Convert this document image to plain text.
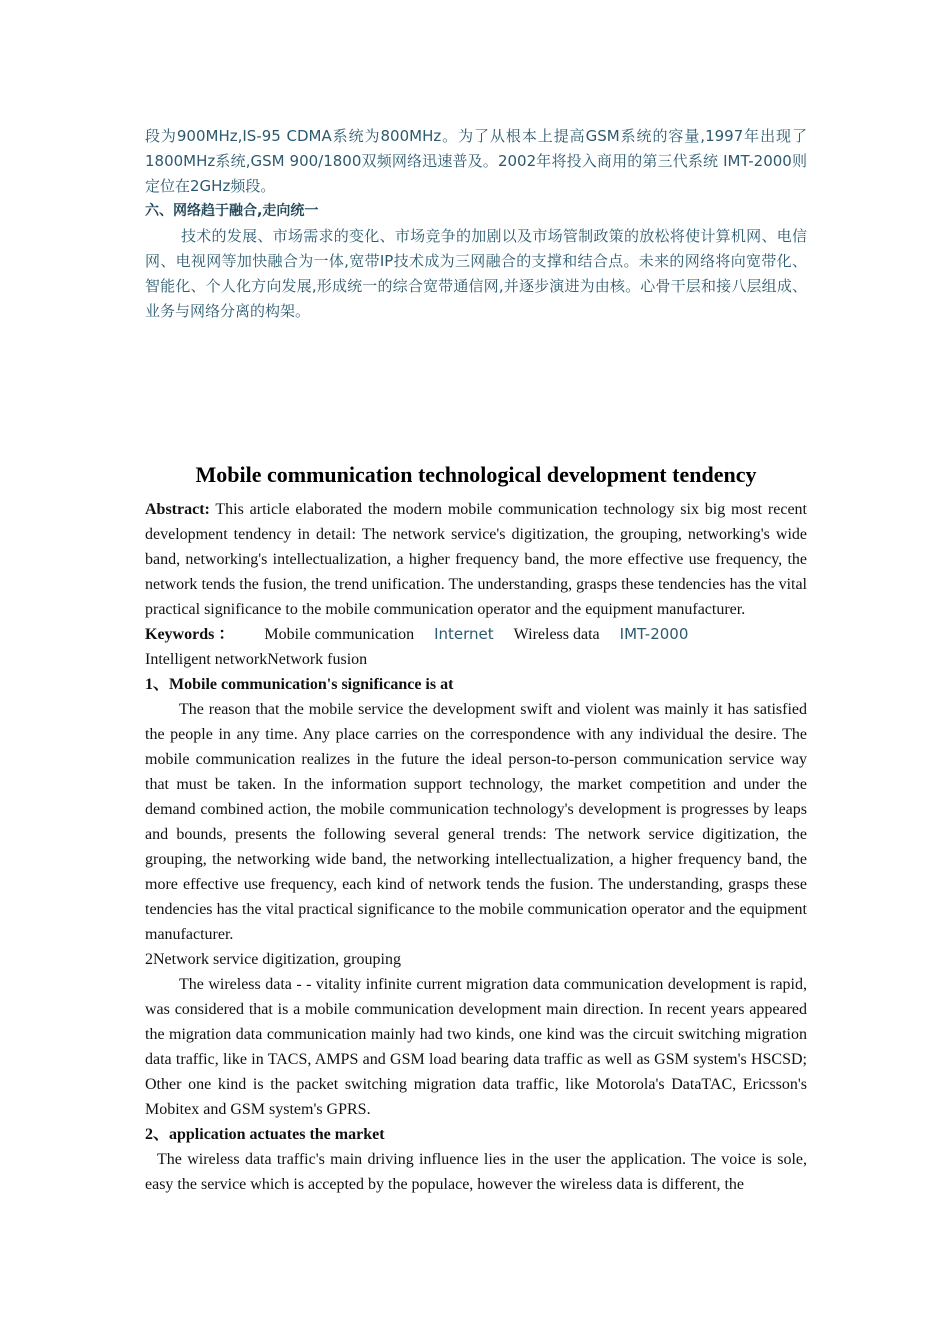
段为900MHz,IS-95 CDMA系统为800MHz。为了从根本上提高GSM系统的容量,1997年出现了1800MHz系统,GSM 900/1800双频网络迅速普及。2002年将投入商用的第三代系统 IMT-2000则定位在2GHz频段。

六、网络趋于融合,走向统一

技术的发展、市场需求的变化、市场竞争的加剧以及市场管制政策的放松将使计算机网、电信网、电视网等加快融合为一体,宽带IP技术成为三网融合的支撑和结合点。未来的网络将向宽带化、智能化、个人化方向发展,形成统一的综合宽带通信网,并逐步演进为由核。心骨干层和接八层组成、业务与网络分离的构架。

Mobile communication technological development tendency

Abstract: This article elaborated the modern mobile communication technology six big most recent development tendency in detail: The network service's digitization, the grouping, networking's wide band, networking's intellectualization, a higher frequency band, the more effective use frequency, the network tends the fusion, the trend unification. The understanding, grasps these tendencies has the vital practical significance to the mobile communication operator and the equipment manufacturer.

Keywords ： Mobile communication Internet Wireless data IMT-2000
Intelligent network Network fusion

1、Mobile communication's significance is at

The reason that the mobile service the development swift and violent was mainly it has satisfied the people in any time. Any place carries on the correspondence with any individual the desire. The mobile communication realizes in the future the ideal person-to-person communication service way that must be taken. In the information support technology, the market competition and under the demand combined action, the mobile communication technology's development is progresses by leaps and bounds, presents the following several general trends: The network service digitization, the grouping, the networking wide band, the networking intellectualization, a higher frequency band, the more effective use frequency, each kind of network tends the fusion. The understanding, grasps these tendencies has the vital practical significance to the mobile communication operator and the equipment manufacturer.

2Network service digitization, grouping

The wireless data - - vitality infinite current migration data communication development is rapid, was considered that is a mobile communication development main direction. In recent years appeared the migration data communication mainly had two kinds, one kind was the circuit switching migration data traffic, like in TACS, AMPS and GSM load bearing data traffic as well as GSM system's HSCSD; Other one kind is the packet switching migration data traffic, like Motorola's DataTAC, Ericsson's Mobitex and GSM system's GPRS.

2、application actuates the market

The wireless data traffic's main driving influence lies in the user the application. The voice is sole, easy the service which is accepted by the populace, however the wireless data is different, the
